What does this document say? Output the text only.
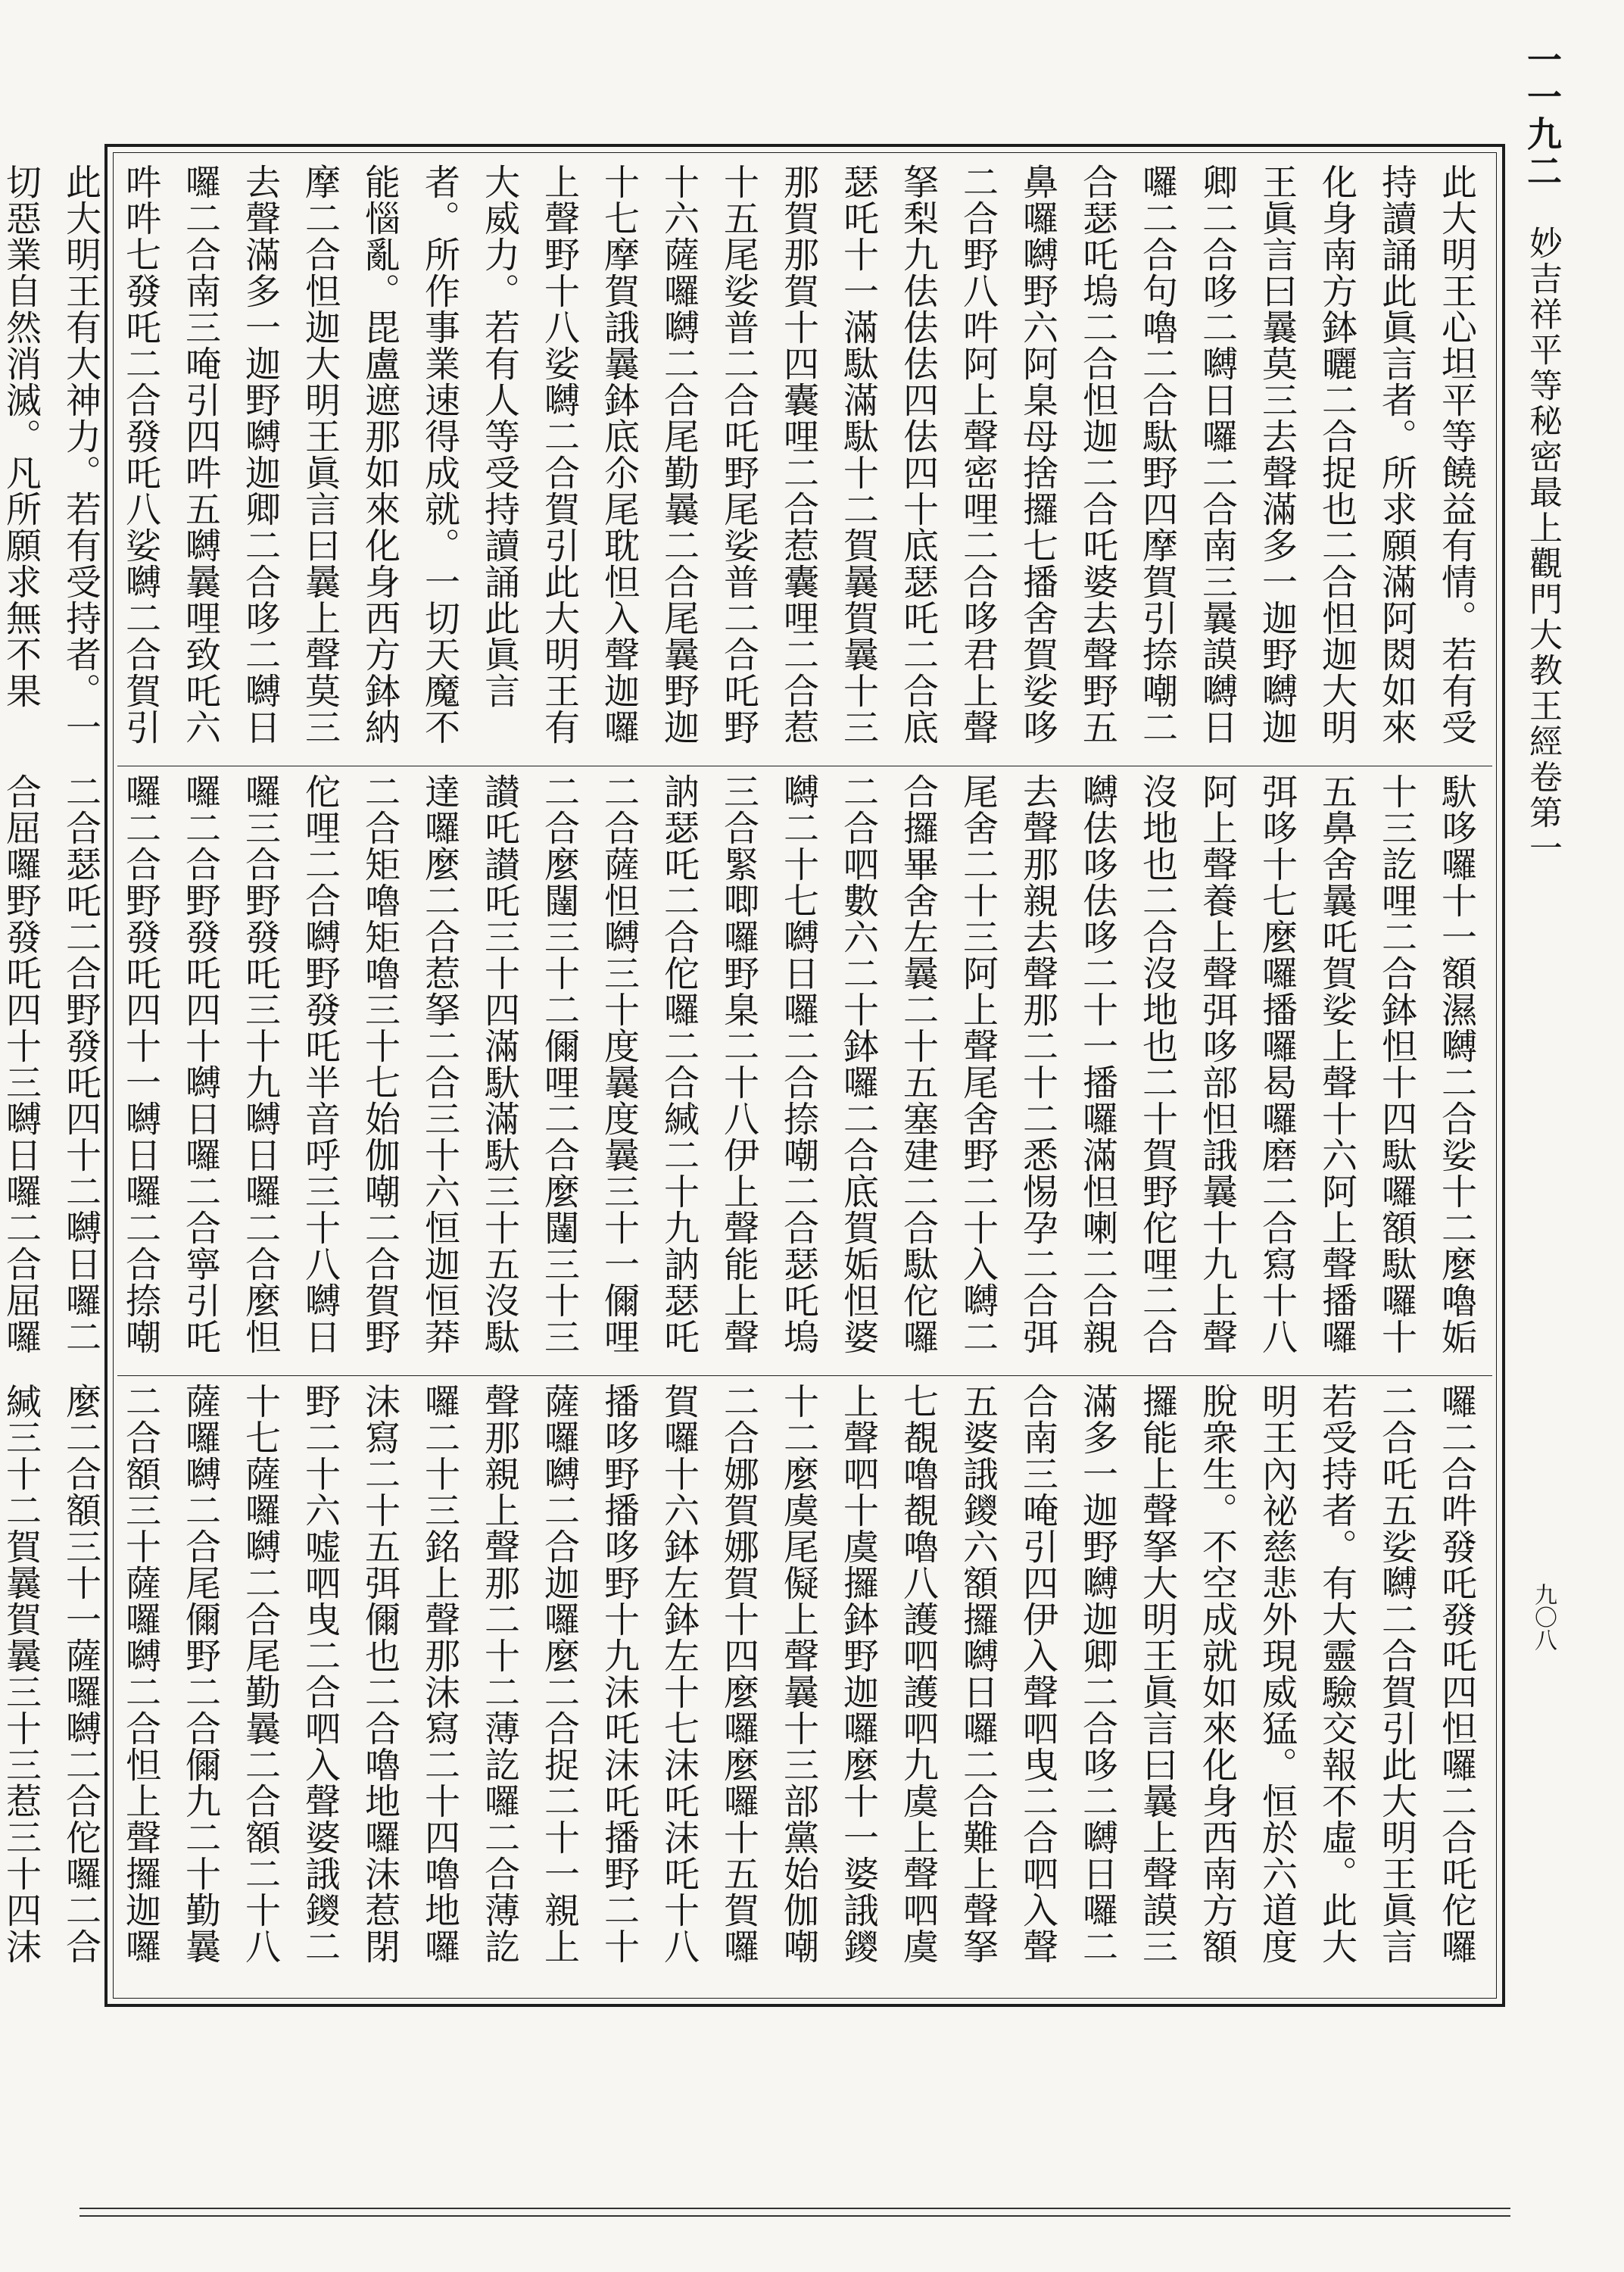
一一九二 妙吉祥平等秘密最上觀門大教王經卷第一
九〇八
此大明王心坦平等饒益有情。若有受持讀誦此眞言者。所求願滿阿閦如來化身南方鉢曬二合捉也二合怛迦大明王眞言曰曩莫三去聲滿多一迦野嚩迦卿二合哆二嚩日囉二合南三曩謨嚩日囉二合句嚕二合駄野四摩賀引捺嘲二合瑟吒塢二合怛迦二合吒婆去聲野五鼻囉嚩野六阿臬母捨攞七播舍賀娑哆二合野八吽阿上聲密哩二合哆君上聲拏梨九佉佉佉四佉四十底瑟吒二合底瑟吒十一滿駄滿駄十二賀曩賀曩十三那賀那賀十四囊哩二合惹囊哩二合惹十五尾娑普二合吒野尾娑普二合吒野十六薩囉嚩二合尾勤曩二合尾曩野迦十七摩賀誐曩鉢底尒尾耽怛入聲迦囉上聲野十八娑嚩二合賀引此大明王有大威力。若有人等受持讀誦此眞言者。所作事業速得成就。一切天魔不能惱亂。毘盧遮那如來化身西方鉢納摩二合怛迦大明王眞言曰曩上聲莫三去聲滿多一迦野嚩迦卿二合哆二嚩日囉二合南三唵引四吽五嚩曩哩致吒六吽吽七發吒二合發吒八娑嚩二合賀引此大明王有大神力。若有受持者。一切惡業自然消滅。凡所願求無不果
馱哆囉十一額濕嚩二合娑十二麼嚕姤十三訖哩二合鉢怛十四駄囉額駄囉十五鼻舍曩吒賀娑上聲十六阿上聲播囉弭哆十七麼囉播囉曷囉磨二合寫十八阿上聲養上聲弭哆部怛誐曩十九上聲沒地也二合沒地也二十賀野佗哩二合嚩佉哆佉哆二十一播囉滿怛喇二合親去聲那親去聲那二十二悉惕孕二合弭尾舍二十三阿上聲尾舍野二十入嚩二合攞畢舍左曩二十五塞建二合駄佗囉二合呬數六二十鉢囉二合底賀姤怛婆嚩二十七嚩日囉二合捺嘲二合瑟吒塢三合緊唧囉野臬二十八伊上聲能上聲訥瑟吒二合佗囉二合緘二十九訥瑟吒二合薩怛嚩三十度曩度曩三十一儞哩二合麼闥三十二儞哩二合麼闥三十三讃吒讃吒三十四滿馱滿馱三十五沒駄達囉麼二合惹拏二合三十六恒迦恒莽二合矩嚕矩嚕三十七始伽嘲二合賀野佗哩二合嚩野發吒半音呼三十八嚩日囉三合野發吒三十九嚩日囉二合麼怛囉二合野發吒四十嚩日囉二合寧引吒囉二合野發吒四十一嚩日囉二合捺嘲二合瑟吒二合野發吒四十二嚩日囉二合屈囉野發吒四十三嚩日囉二合屈囉
囉二合吽發吒發吒四怛囉二合吒佗囉二合吒五娑嚩二合賀引此大明王眞言若受持者。有大靈驗交報不虛。此大明王內祕慈悲外現威猛。恒於六道度脫衆生。不空成就如來化身西南方額攞能上聲拏大明王眞言曰曩上聲謨三滿多一迦野嚩迦卿二合哆二嚩日囉二合南三唵引四伊入聲呬曳二合呬入聲五婆誐鑁六額攞嚩日囉二合難上聲拏七覩嚕覩嚕八護呬護呬九虞上聲呬虞上聲呬十虞攞鉢野迦囉麼十一婆誐鑁十二麼虞尾儗上聲曩十三部黨始伽嘲二合娜賀娜賀十四麼囉麼囉十五賀囉賀囉十六鉢左鉢左十七沫吒沫吒十八播哆野播哆野十九沫吒沫吒播野二十薩囉嚩二合迦囉麼二合捉二十一親上聲那親上聲那二十二薄訖囉二合薄訖囉二十三銘上聲那沫寫二十四嚕地囉沫寫二十五弭儞也二合嚕地囉沫惹閉野二十六嘘呬曳二合呬入聲婆誐鑁二十七薩囉嚩二合尾勤曩二合額二十八薩囉嚩二合尾儞野二合儞九二十勤曩二合額三十薩囉嚩二合怛上聲攞迦囉麼二合額三十一薩囉嚩二合佗囉二合緘三十二賀曩賀曩三十三惹三十四沫
